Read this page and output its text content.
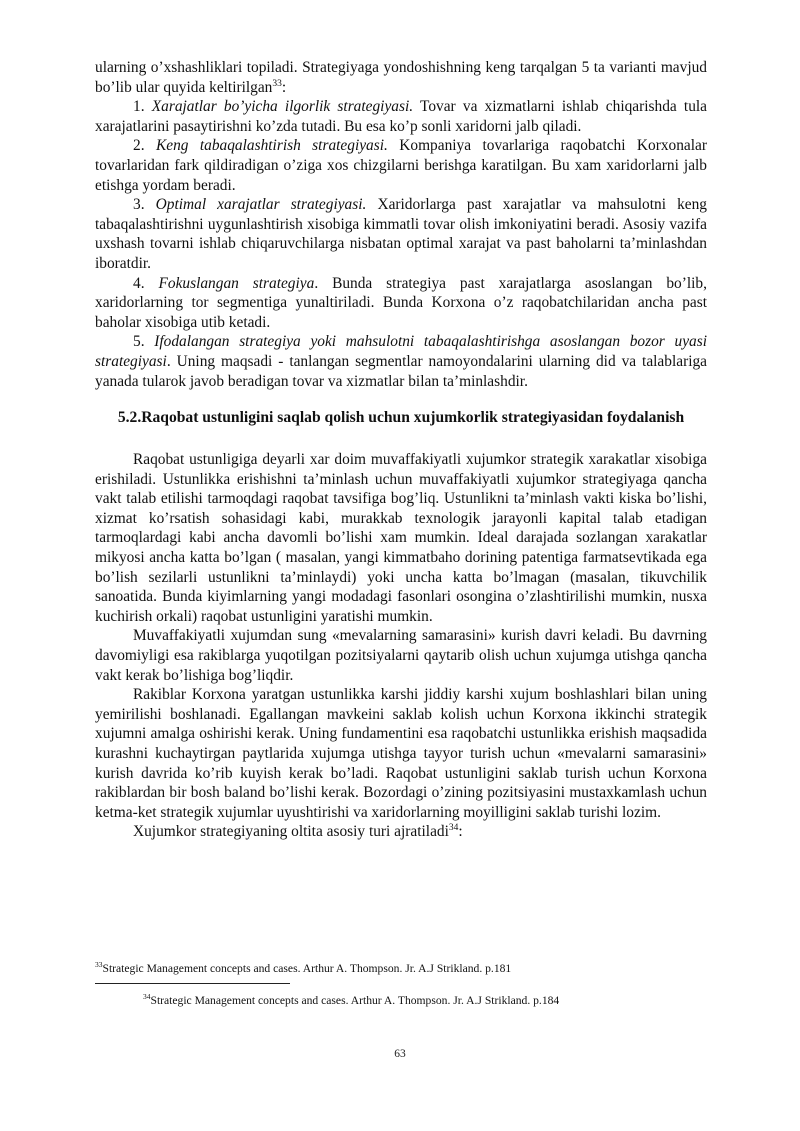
ularning o’xshashliklari topiladi. Strategiyaga yondoshishning keng tarqalgan 5 ta varianti mavjud bo’lib ular quyida keltirilgan$^{33}$:

1. Xarajatlar bo’yicha ilgorlik strategiyasi. Tovar va xizmatlarni ishlab chiqarishda tula xarajatlarini pasaytirishni ko’zda tutadi. Bu esa ko’p sonli xaridorni jalb qiladi.

2. Keng tabaqalashtirish strategiyasi. Kompaniya tovarlariga raqobatchi Korxonalar tovarlaridan fark qildiradigan o’ziga xos chizgilarni berishga karatilgan. Bu xam xaridorlarni jalb etishga yordam beradi.

3. Optimal xarajatlar strategiyasi. Xaridorlarga past xarajatlar va mahsulotni keng tabaqalashtirishni uygunlashtirish xisobiga kimmatli tovar olish imkoniyatini beradi. Asosiy vazifa uxshash tovarni ishlab chiqaruvchilarga nisbatan optimal xarajat va past baholarni ta’minlashdan iboratdir.

4. Fokuslangan strategiya. Bunda strategiya past xarajatlarga asoslangan bo’lib, xaridorlarning tor segmentiga yunaltiriladi. Bunda Korxona o’z raqobatchilaridan ancha past baholar xisobiga utib ketadi.

5. Ifodalangan strategiya yoki mahsulotni tabaqalashtirishga asoslangan bozor uyasi strategiyasi. Uning maqsadi - tanlangan segmentlar namoyondalarini ularning did va talablariga yanada tularok javob beradigan tovar va xizmatlar bilan ta’minlashdir.

5.2.Raqobat ustunligini saqlab qolish uchun xujumkorlik strategiyasidan foydalanish

Raqobat ustunligiga deyarli xar doim muvaffakiyatli xujumkor strategik xarakatlar xisobiga erishiladi. Ustunlikka erishishni ta’minlash uchun muvaffakiyatli xujumkor strategiyaga qancha vakt talab etilishi tarmoqdagi raqobat tavsifiga bog’liq. Ustunlikni ta’minlash vakti kiska bo’lishi, xizmat ko’rsatish sohasidagi kabi, murakkab texnologik jarayonli kapital talab etadigan tarmoqlardagi kabi ancha davomli bo’lishi xam mumkin. Ideal darajada sozlangan xarakatlar mikyosi ancha katta bo’lgan ( masalan, yangi kimmatbaho dorining patentiga farmatsevtikada ega bo’lish sezilarli ustunlikni ta’minlaydi) yoki uncha katta bo’lmagan (masalan, tikuvchilik sanoatida. Bunda kiyimlarning yangi modadagi fasonlari osongina o’zlashtirilishi mumkin, nusxa kuchirish orkali) raqobat ustunligini yaratishi mumkin.

Muvaffakiyatli xujumdan sung «mevalarning samarasini» kurish davri keladi. Bu davrning davomiyligi esa rakiblarga yuqotilgan pozitsiyalarni qaytarib olish uchun xujumga utishga qancha vakt kerak bo’lishiga bog’liqdir.

Rakiblar Korxona yaratgan ustunlikka karshi jiddiy karshi xujum boshlashlari bilan uning yemirilishi boshlanadi. Egallangan mavkeini saklab kolish uchun Korxona ikkinchi strategik xujumni amalga oshirishi kerak. Uning fundamentini esa raqobatchi ustunlikka erishish maqsadida kurashni kuchaytirgan paytlarida xujumga utishga tayyor turish uchun «mevalarni samarasini» kurish davrida ko’rib kuyish kerak bo’ladi. Raqobat ustunligini saklab turish uchun Korxona rakiblardan bir bosh baland bo’lishi kerak. Bozordagi o’zining pozitsiyasini mustaxkamlash uchun ketma-ket strategik xujumlar uyushtirishi va xaridorlarning moyilligini saklab turishi lozim.

Xujumkor strategiyaning oltita asosiy turi ajratiladi$^{34}$:

$^{33}$Strategic Management concepts and cases. Arthur A. Thompson. Jr. A.J Strikland. p.181
$^{34}$Strategic Management concepts and cases. Arthur A. Thompson. Jr. A.J Strikland. p.184
63
